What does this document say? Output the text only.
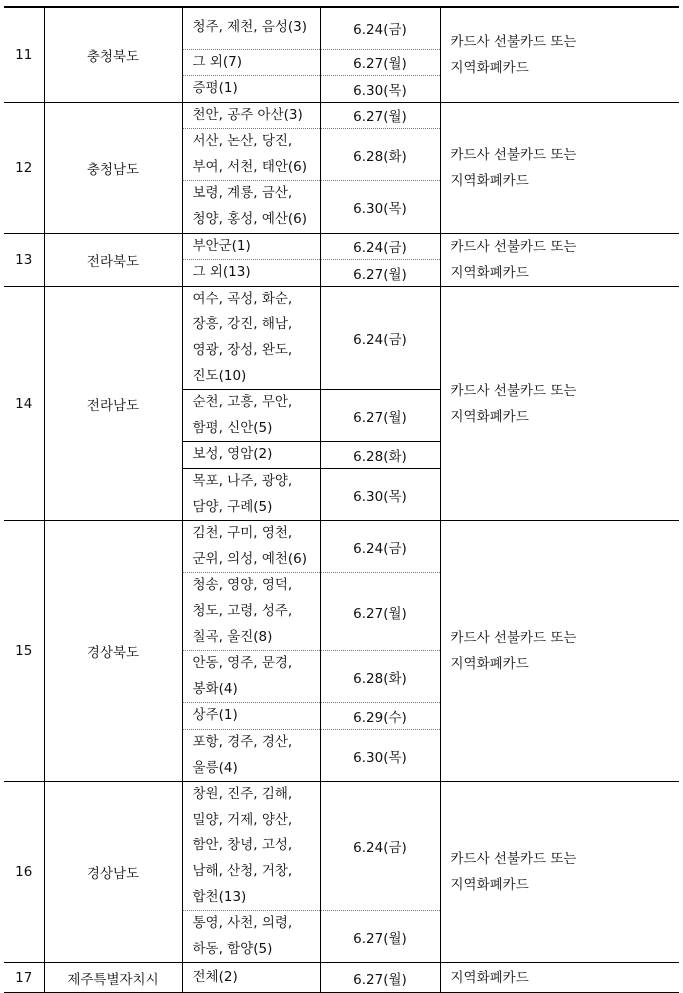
11	충청북도	청주, 제천, 음성(3)	6.24(금)	카드사 선불카드 또는
지역화폐카드
		그 외(7)	6.27(월)	
		증평(1)	6.30(목)	
12	충청남도	천안, 공주 아산(3)	6.27(월)	카드사 선불카드 또는
지역화폐카드
		서산, 논산, 당진,
부여, 서천, 태안(6)	6.28(화)	
		보령, 계룡, 금산,
청양, 홍성, 예산(6)	6.30(목)	
13	전라북도	부안군(1)	6.24(금)	카드사 선불카드 또는
지역화폐카드
		그 외(13)	6.27(월)	
14	전라남도	여수, 곡성, 화순,
장흥, 강진, 해남,
영광, 장성, 완도,
진도(10)	6.24(금)	카드사 선불카드 또는
지역화폐카드
		순천, 고흥, 무안,
함평, 신안(5)	6.27(월)	
		보성, 영암(2)	6.28(화)	
		목포, 나주, 광양,
담양, 구례(5)	6.30(목)	
15	경상북도	김천, 구미, 영천,
군위, 의성, 예천(6)	6.24(금)	카드사 선불카드 또는
지역화폐카드
		청송, 영양, 영덕,
청도, 고령, 성주,
칠곡, 울진(8)	6.27(월)	
		안동, 영주, 문경,
봉화(4)	6.28(화)	
		상주(1)	6.29(수)	
		포항, 경주, 경산,
울릉(4)	6.30(목)	
16	경상남도	창원, 진주, 김해,
밀양, 거제, 양산,
함안, 창녕, 고성,
남해, 산청, 거창,
합천(13)	6.24(금)	카드사 선불카드 또는
지역화폐카드
		통영, 사천, 의령,
하동, 함양(5)	6.27(월)	
17	제주특별자치시	전체(2)	6.27(월)	지역화폐카드
